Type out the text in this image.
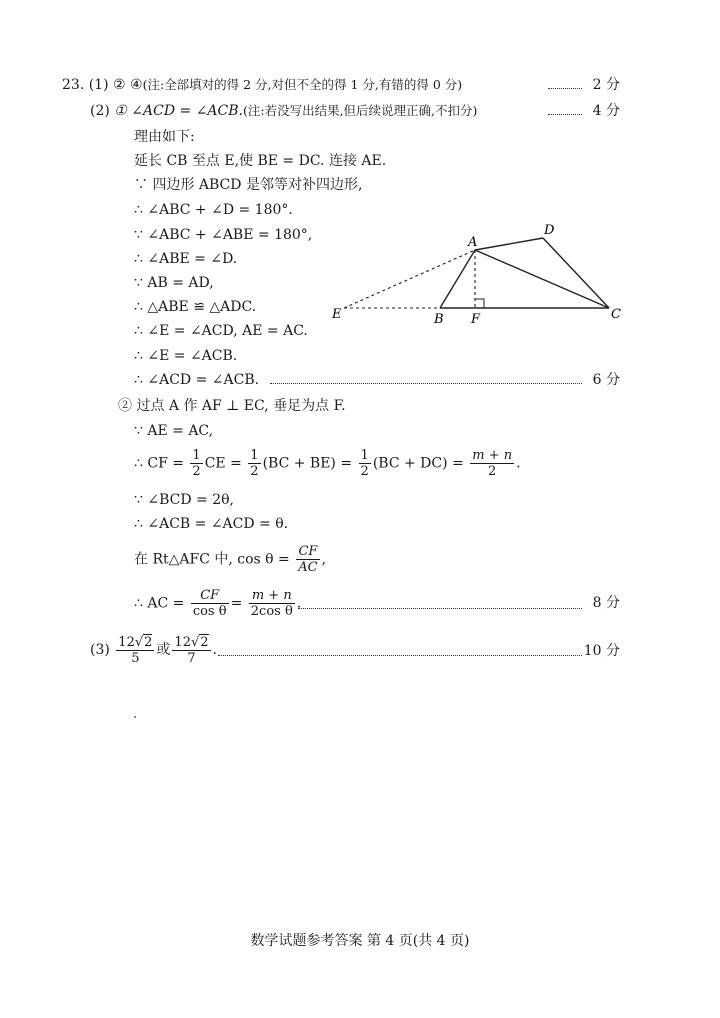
23. (1) ② ④(注:全部填对的得 2 分,对但不全的得 1 分,有错的得 0 分)	2 分
(2) ① ∠ACD = ∠ACB.(注:若没写出结果,但后续说理正确,不扣分)	4 分
理由如下:
延长 CB 至点 E,使 BE = DC. 连接 AE.
∵ 四边形 ABCD 是邻等对补四边形,
∴ ∠ABC + ∠D = 180°.
∵ ∠ABC + ∠ABE = 180°,
∴ ∠ABE = ∠D.
∵ AB = AD,
∴ △ABE ≌ △ADC.
∴ ∠E = ∠ACD, AE = AC.
∴ ∠E = ∠ACB.
∴ ∠ACD = ∠ACB.	6 分
A
D
E	B F	C
② 过点 A 作 AF ⊥ EC, 垂足为点 F.
∵ AE = AC,
∴ CF = $\frac{1}{2}$ CE = $\frac{1}{2} (BC + BE) = \frac{1}{2} (BC + DC) = \frac{m + n}{2}$ .
∵ ∠BCD = 2θ,
∴ ∠ACB = ∠ACD = θ.
在 Rt△AFC 中, $\cos \theta = \frac{CF}{AC}$ ,
∴ AC = $\frac{CF}{\text{cos θ}} = \frac{m + n}{\text{2cos θ}}$ .	8 分
$(3) \frac{12√2}{5}$ 或 $\frac{12√2}{7}$ .	10 分
数学试题参考答案 第 4 页(共 4 页)
